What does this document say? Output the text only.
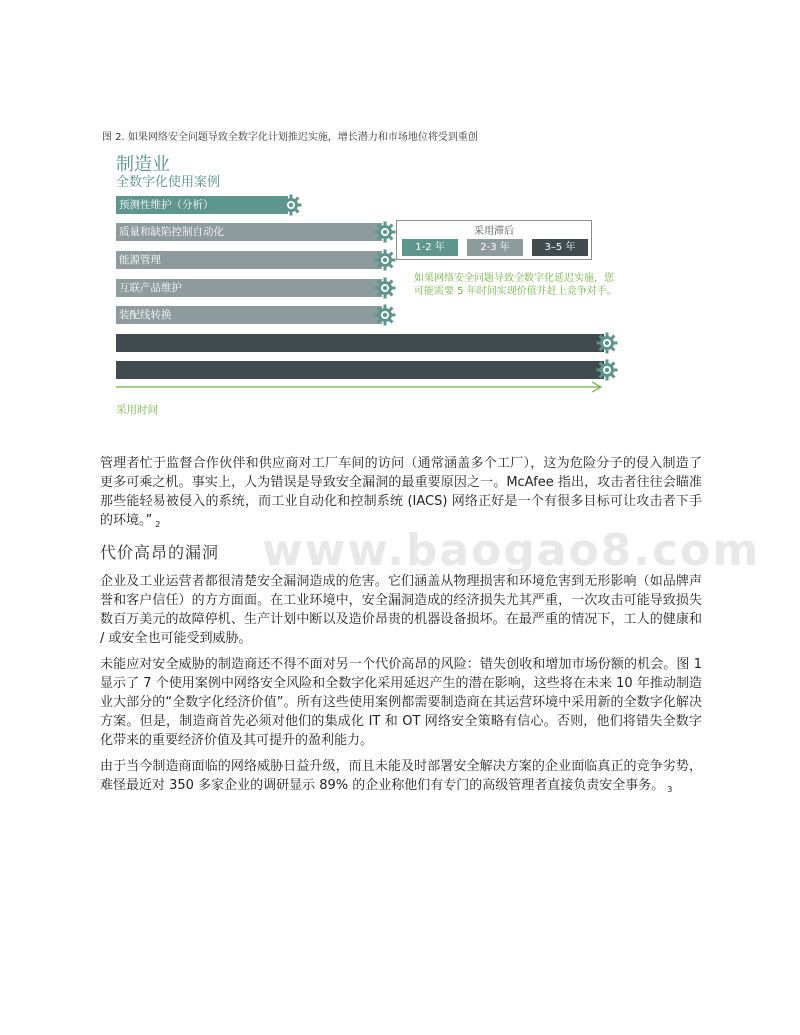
图 2. 如果网络安全问题导致全数字化计划推迟实施，增长潜力和市场地位将受到重创
制造业
全数字化使用案例
预测性维护（分析）
质量和缺陷控制自动化
能源管理
互联产品维护
装配线转换
采用滞后
1-2 年	2-3 年	3–5 年
如果网络安全问题导致全数字化延迟实施，您可能需要 5 年时间实现价值并赶上竞争对手。
采用时间

管理者忙于监督合作伙伴和供应商对工厂车间的访问（通常涵盖多个工厂），这为危险分子的侵入制造了更多可乘之机。事实上，人为错误是导致安全漏洞的最重要原因之一。McAfee 指出，攻击者往往会瞄准那些能轻易被侵入的系统，而工业自动化和控制系统 (IACS) 网络正好是一个有很多目标可让攻击者下手的环境。” $_2$

www.baogao8.com
代价高昂的漏洞

企业及工业运营者都很清楚安全漏洞造成的危害。它们涵盖从物理损害和环境危害到无形影响（如品牌声誉和客户信任）的方方面面。在工业环境中，安全漏洞造成的经济损失尤其严重，一次攻击可能导致损失数百万美元的故障停机、生产计划中断以及造价昂贵的机器设备损坏。在最严重的情况下，工人的健康和 / 或安全也可能受到威胁。

未能应对安全威胁的制造商还不得不面对另一个代价高昂的风险：错失创收和增加市场份额的机会。图 1 显示了 7 个使用案例中网络安全风险和全数字化采用延迟产生的潜在影响，这些将在未来 10 年推动制造业大部分的“全数字化经济价值”。所有这些使用案例都需要制造商在其运营环境中采用新的全数字化解决方案。但是，制造商首先必须对他们的集成化 IT 和 OT 网络安全策略有信心。否则，他们将错失全数字化带来的重要经济价值及其可提升的盈利能力。

由于当今制造商面临的网络威胁日益升级，而且未能及时部署安全解决方案的企业面临真正的竞争劣势，难怪最近对 350 多家企业的调研显示 89% 的企业称他们有专门的高级管理者直接负责安全事务。 $_3$
